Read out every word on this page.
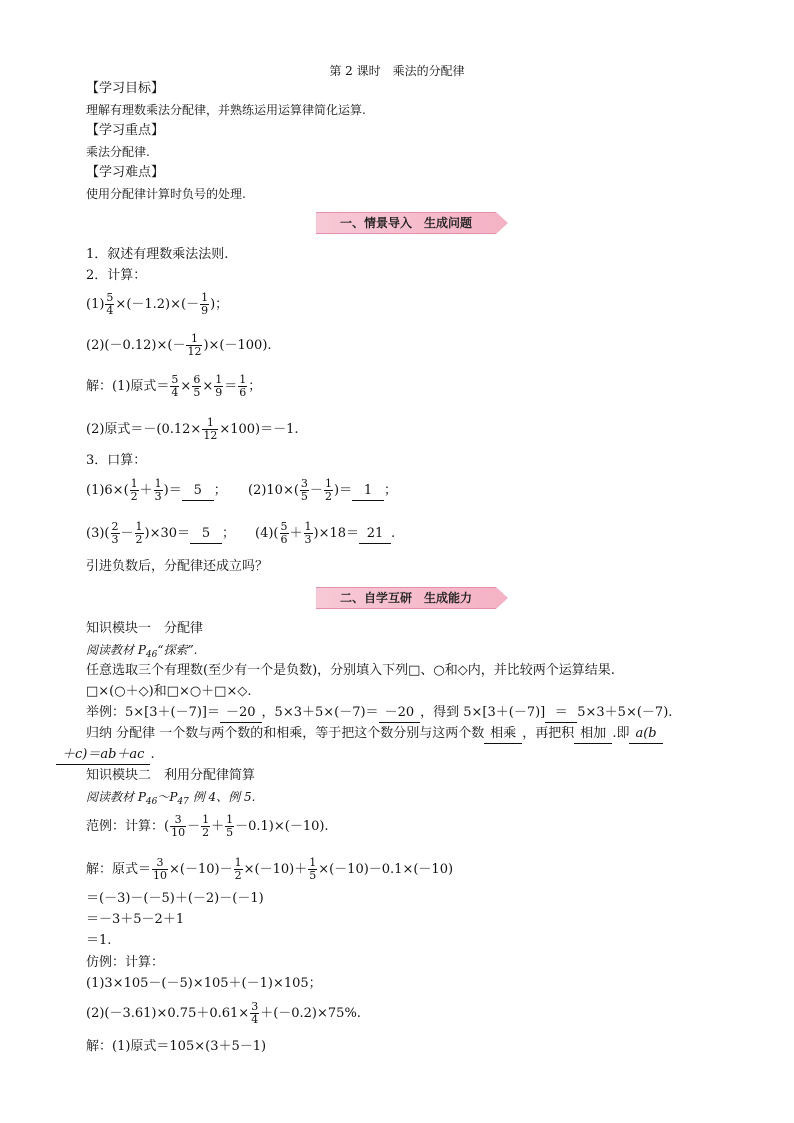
第 2 课时　乘法的分配律
【学习目标】
理解有理数乘法分配律，并熟练运用运算律简化运算.
【学习重点】
乘法分配律.
【学习难点】
使用分配律计算时负号的处理.
一、情景导入　生成问题
1．叙述有理数乘法法则.
2．计算：
$(1) \frac{5}{4} \times(-1.2)\times(- \frac{1}{9}$ )；
$(2)(-0.12)\times(- \frac{1}{12} )\times(-100)$.
解：(1)原式＝ $\frac{5}{4} \times \frac{6}{5} \times \frac{1}{9} = \frac{1}{6}$ ；
(2)原式$=-(0.12\times \frac{1}{12} \times 100)=-1$.
3．口算：
$(1)6\times( \frac{1}{2} + \frac{1}{3}$ )＝ 5 ； $(2)10\times( \frac{3}{5} - \frac{1}{2}$ )＝ 1 ；
$(3)( \frac{2}{3} - \frac{1}{2} )\times 30= 5$ ； $(4)( \frac{5}{6} + \frac{1}{3} )\times 18= 21$ .
引进负数后，分配律还成立吗？
二、自学互研　生成能力
知识模块一　分配律
阅读教材 $P_{46}“$探索”.
任意选取三个有理数(至少有一个是负数)，分别填入下列□、○和◇内，并比较两个运算结果.
□×(○＋◇)和□×○＋□×◇.
举例：5×[3＋(－7)]＝ －20 ，5×3＋5×(－7)＝ －20 ，得到 5×[3＋(－7)] ＝ 5×3＋5×(－7).
归纳 分配律 一个数与两个数的和相乘，等于把这个数分别与这两个数 相乘 ，再把积 相加 .即 a(b
＋c)＝ab＋ac .
知识模块二　利用分配律简算
阅读教材 $P_{46}\sim P_{47}$ 例 4、例 5.
范例：计算：( $\frac{3}{10} - \frac{1}{2} + \frac{1}{5} -0.1)\times(-10)$.
解：原式＝ $\frac{3}{10} \times(-10)- \frac{1}{2} \times(-10)+ \frac{1}{5} \times(-10)-0.1\times(-10)$
＝(－3)－(－5)＋(－2)－(－1)
＝－3＋5－2＋1
＝1.
仿例：计算：
(1)3×105－(－5)×105＋(－1)×105；
$(2)(-3.61)\times 0.75+0.61\times \frac{3}{4} +(-0.2)\times 75\%$.
解：(1)原式＝105×(3＋5－1)
